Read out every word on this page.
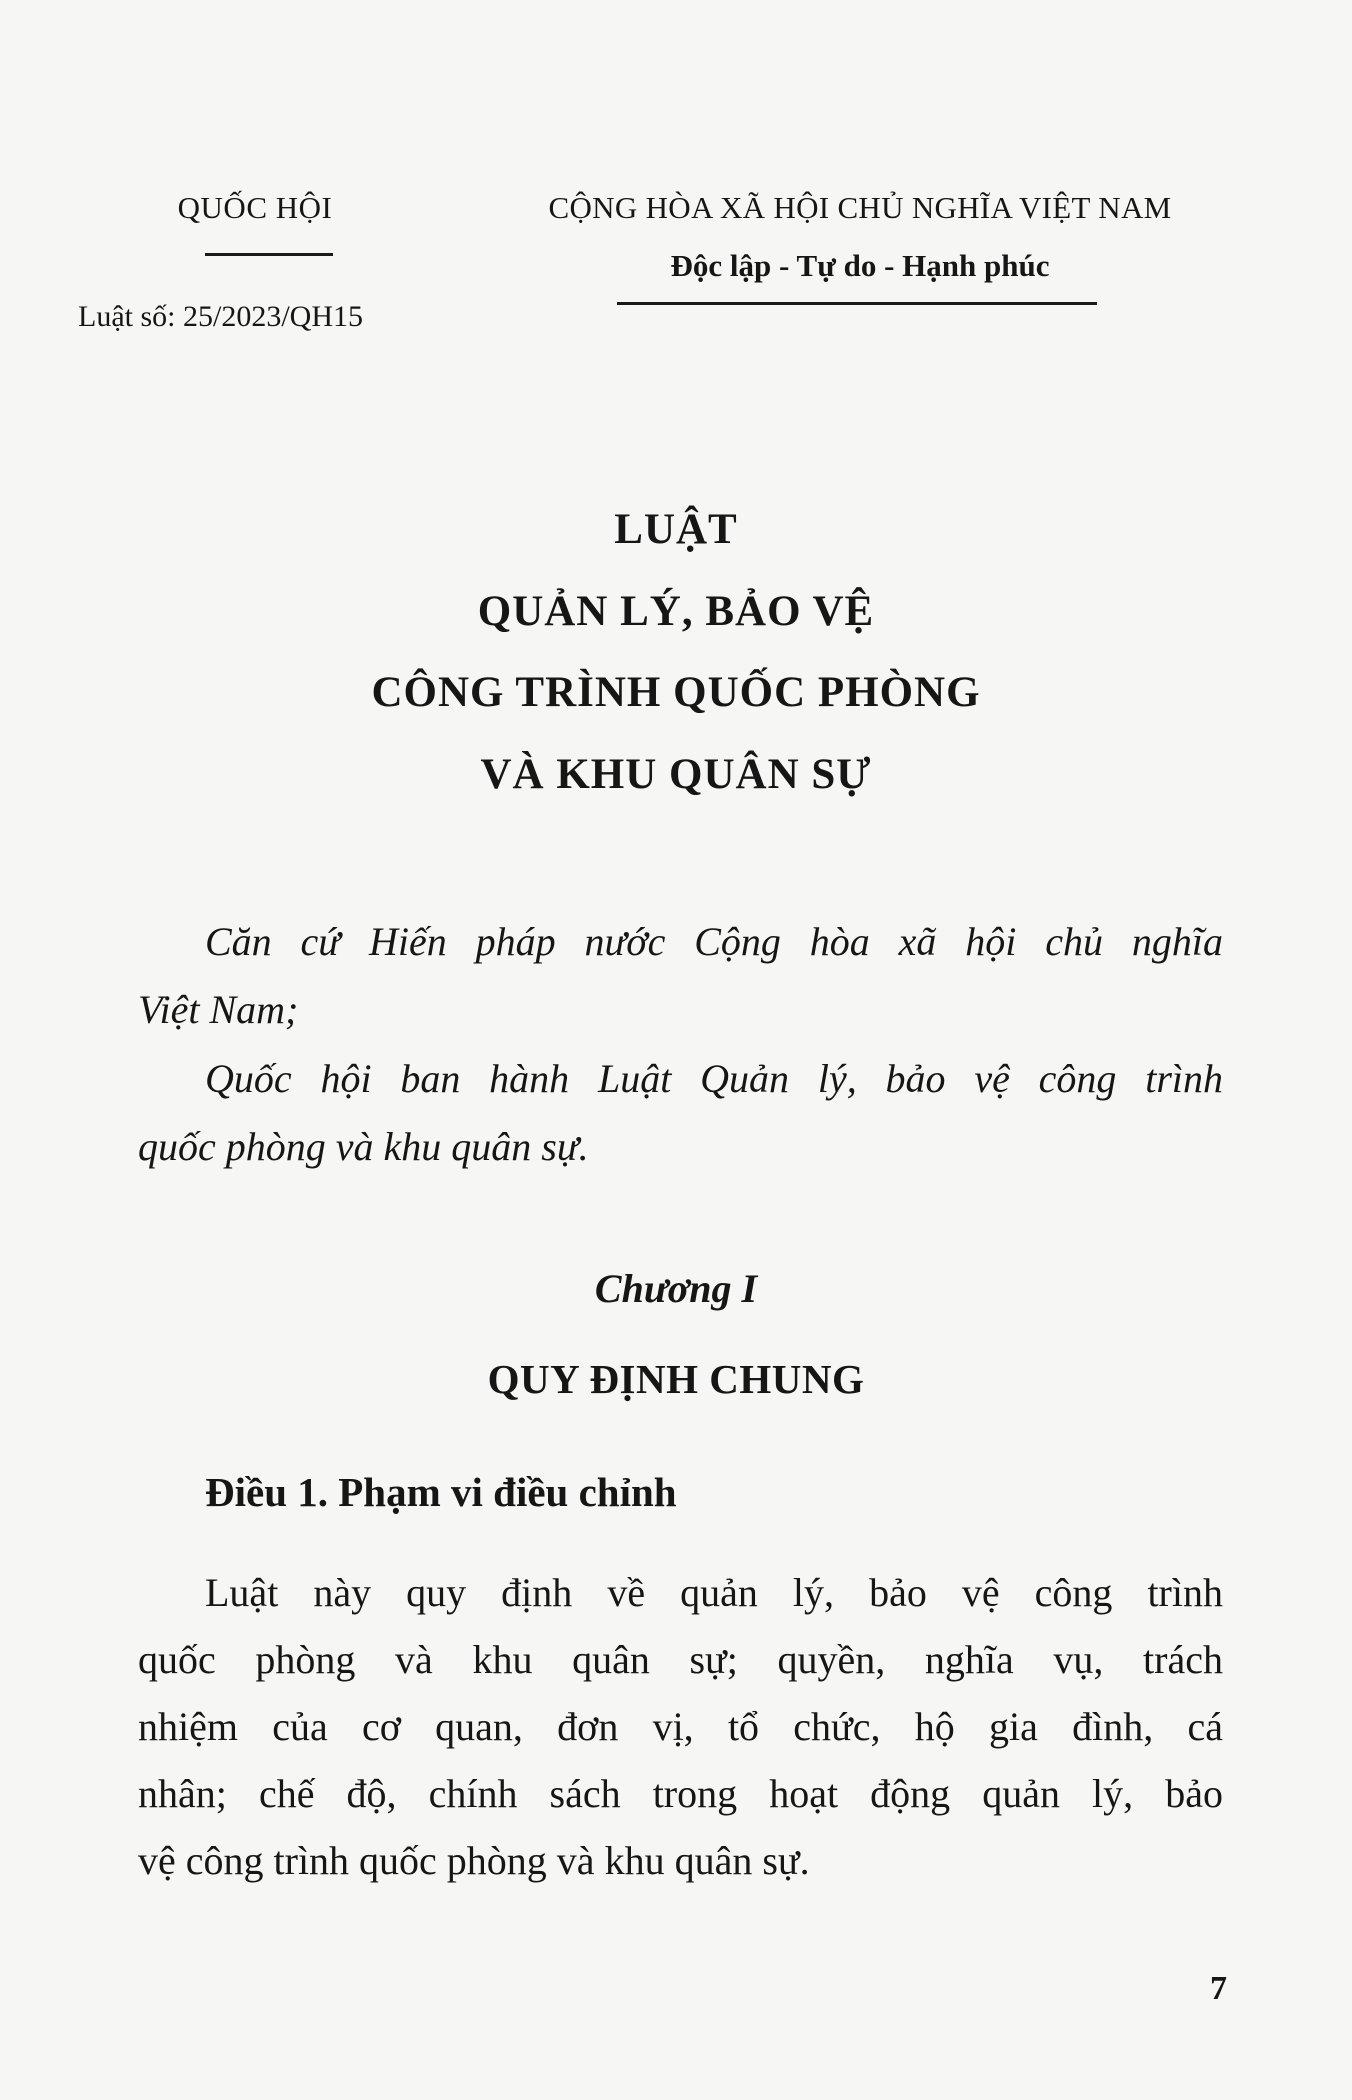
QUỐC HỘI
Luật số: 25/2023/QH15
CỘNG HÒA XÃ HỘI CHỦ NGHĨA VIỆT NAM
Độc lập - Tự do - Hạnh phúc
LUẬT
QUẢN LÝ, BẢO VỆ
CÔNG TRÌNH QUỐC PHÒNG
VÀ KHU QUÂN SỰ
Căn cứ Hiến pháp nước Cộng hòa xã hội chủ nghĩa
Việt Nam;
Quốc hội ban hành Luật Quản lý, bảo vệ công trình
quốc phòng và khu quân sự.
Chương I
QUY ĐỊNH CHUNG
Điều 1. Phạm vi điều chỉnh
Luật này quy định về quản lý, bảo vệ công trình
quốc phòng và khu quân sự; quyền, nghĩa vụ, trách
nhiệm của cơ quan, đơn vị, tổ chức, hộ gia đình, cá
nhân; chế độ, chính sách trong hoạt động quản lý, bảo
vệ công trình quốc phòng và khu quân sự.
7
